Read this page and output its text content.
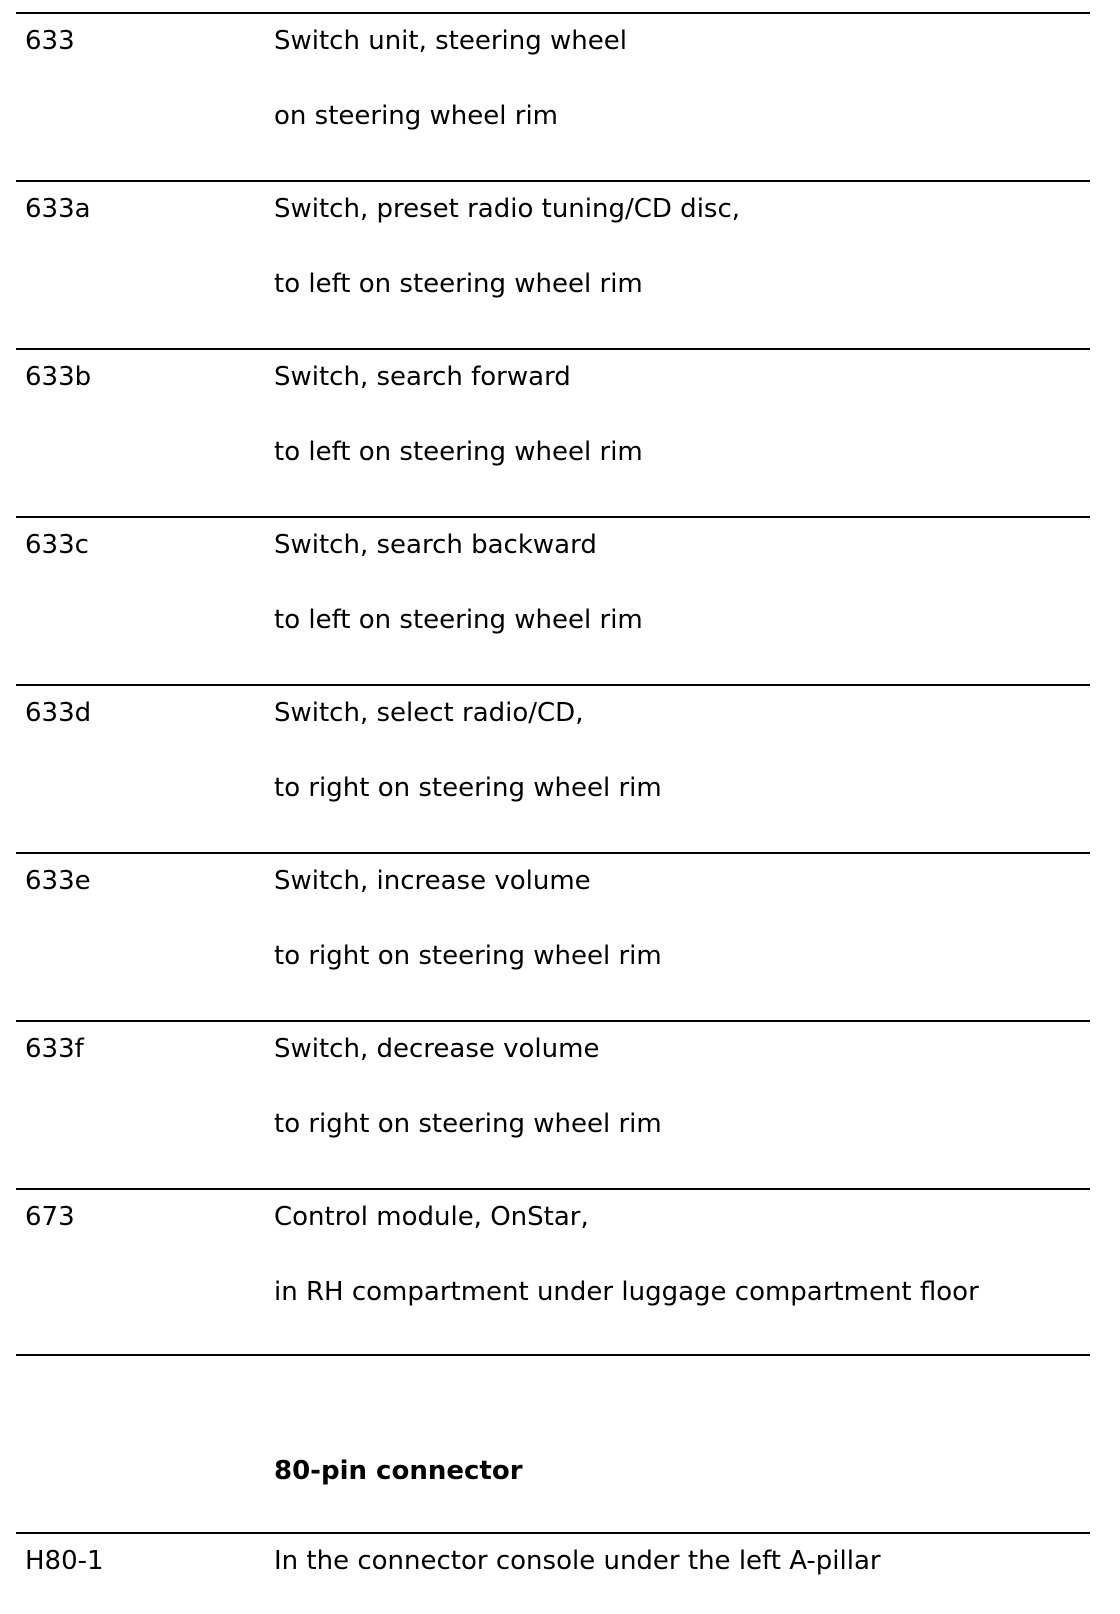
633	Switch unit, steering wheel
on steering wheel rim
633a	Switch, preset radio tuning/CD disc,
to left on steering wheel rim
633b	Switch, search forward
to left on steering wheel rim
633c	Switch, search backward
to left on steering wheel rim
633d	Switch, select radio/CD,
to right on steering wheel rim
633e	Switch, increase volume
to right on steering wheel rim
633f	Switch, decrease volume
to right on steering wheel rim
673	Control module, OnStar,
in RH compartment under luggage compartment floor
80-pin connector
H80-1	In the connector console under the left A-pillar
